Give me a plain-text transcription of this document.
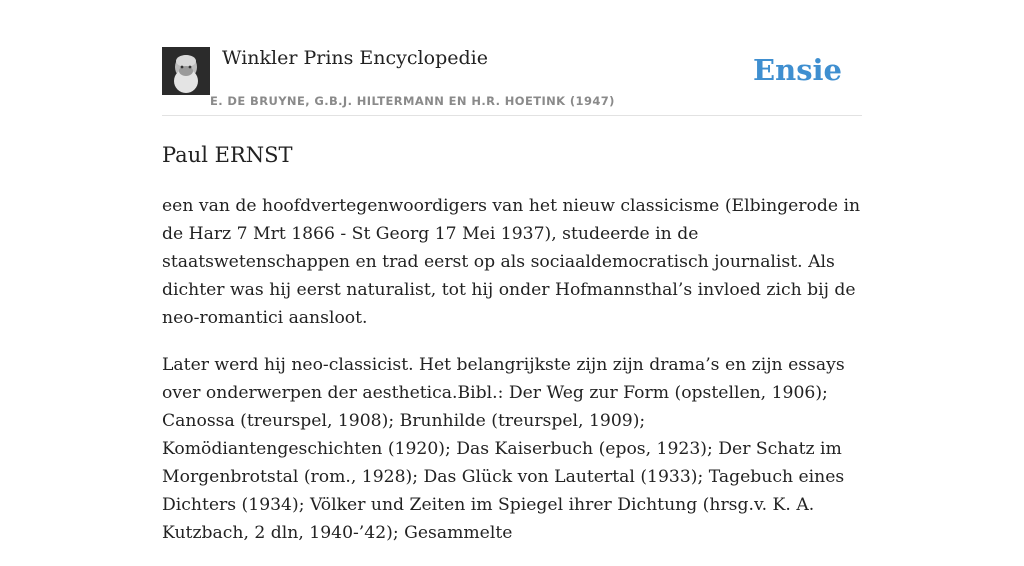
Winkler Prins Encyclopedie
E. DE BRUYNE, G.B.J. HILTERMANN EN H.R. HOETINK (1947)
Ensie
Paul ERNST

een van de hoofdvertegenwoordigers van het nieuw classicisme (Elbingerode in de Harz 7 Mrt 1866 - St Georg 17 Mei 1937), studeerde in de staatswetenschappen en trad eerst op als sociaaldemocratisch journalist. Als dichter was hij eerst naturalist, tot hij onder Hofmannsthal’s invloed zich bij de neo-romantici aansloot.

Later werd hij neo-classicist. Het belangrijkste zijn zijn drama’s en zijn essays over onderwerpen der aesthetica.Bibl.: Der Weg zur Form (opstellen, 1906); Canossa (treurspel, 1908); Brunhilde (treurspel, 1909); Komödiantengeschichten (1920); Das Kaiserbuch (epos, 1923); Der Schatz im Morgenbrotstal (rom., 1928); Das Glück von Lautertal (1933); Tagebuch eines Dichters (1934); Völker und Zeiten im Spiegel ihrer Dichtung (hrsg.v. K. A. Kutzbach, 2 dln, 1940-’42); Gesammelte
